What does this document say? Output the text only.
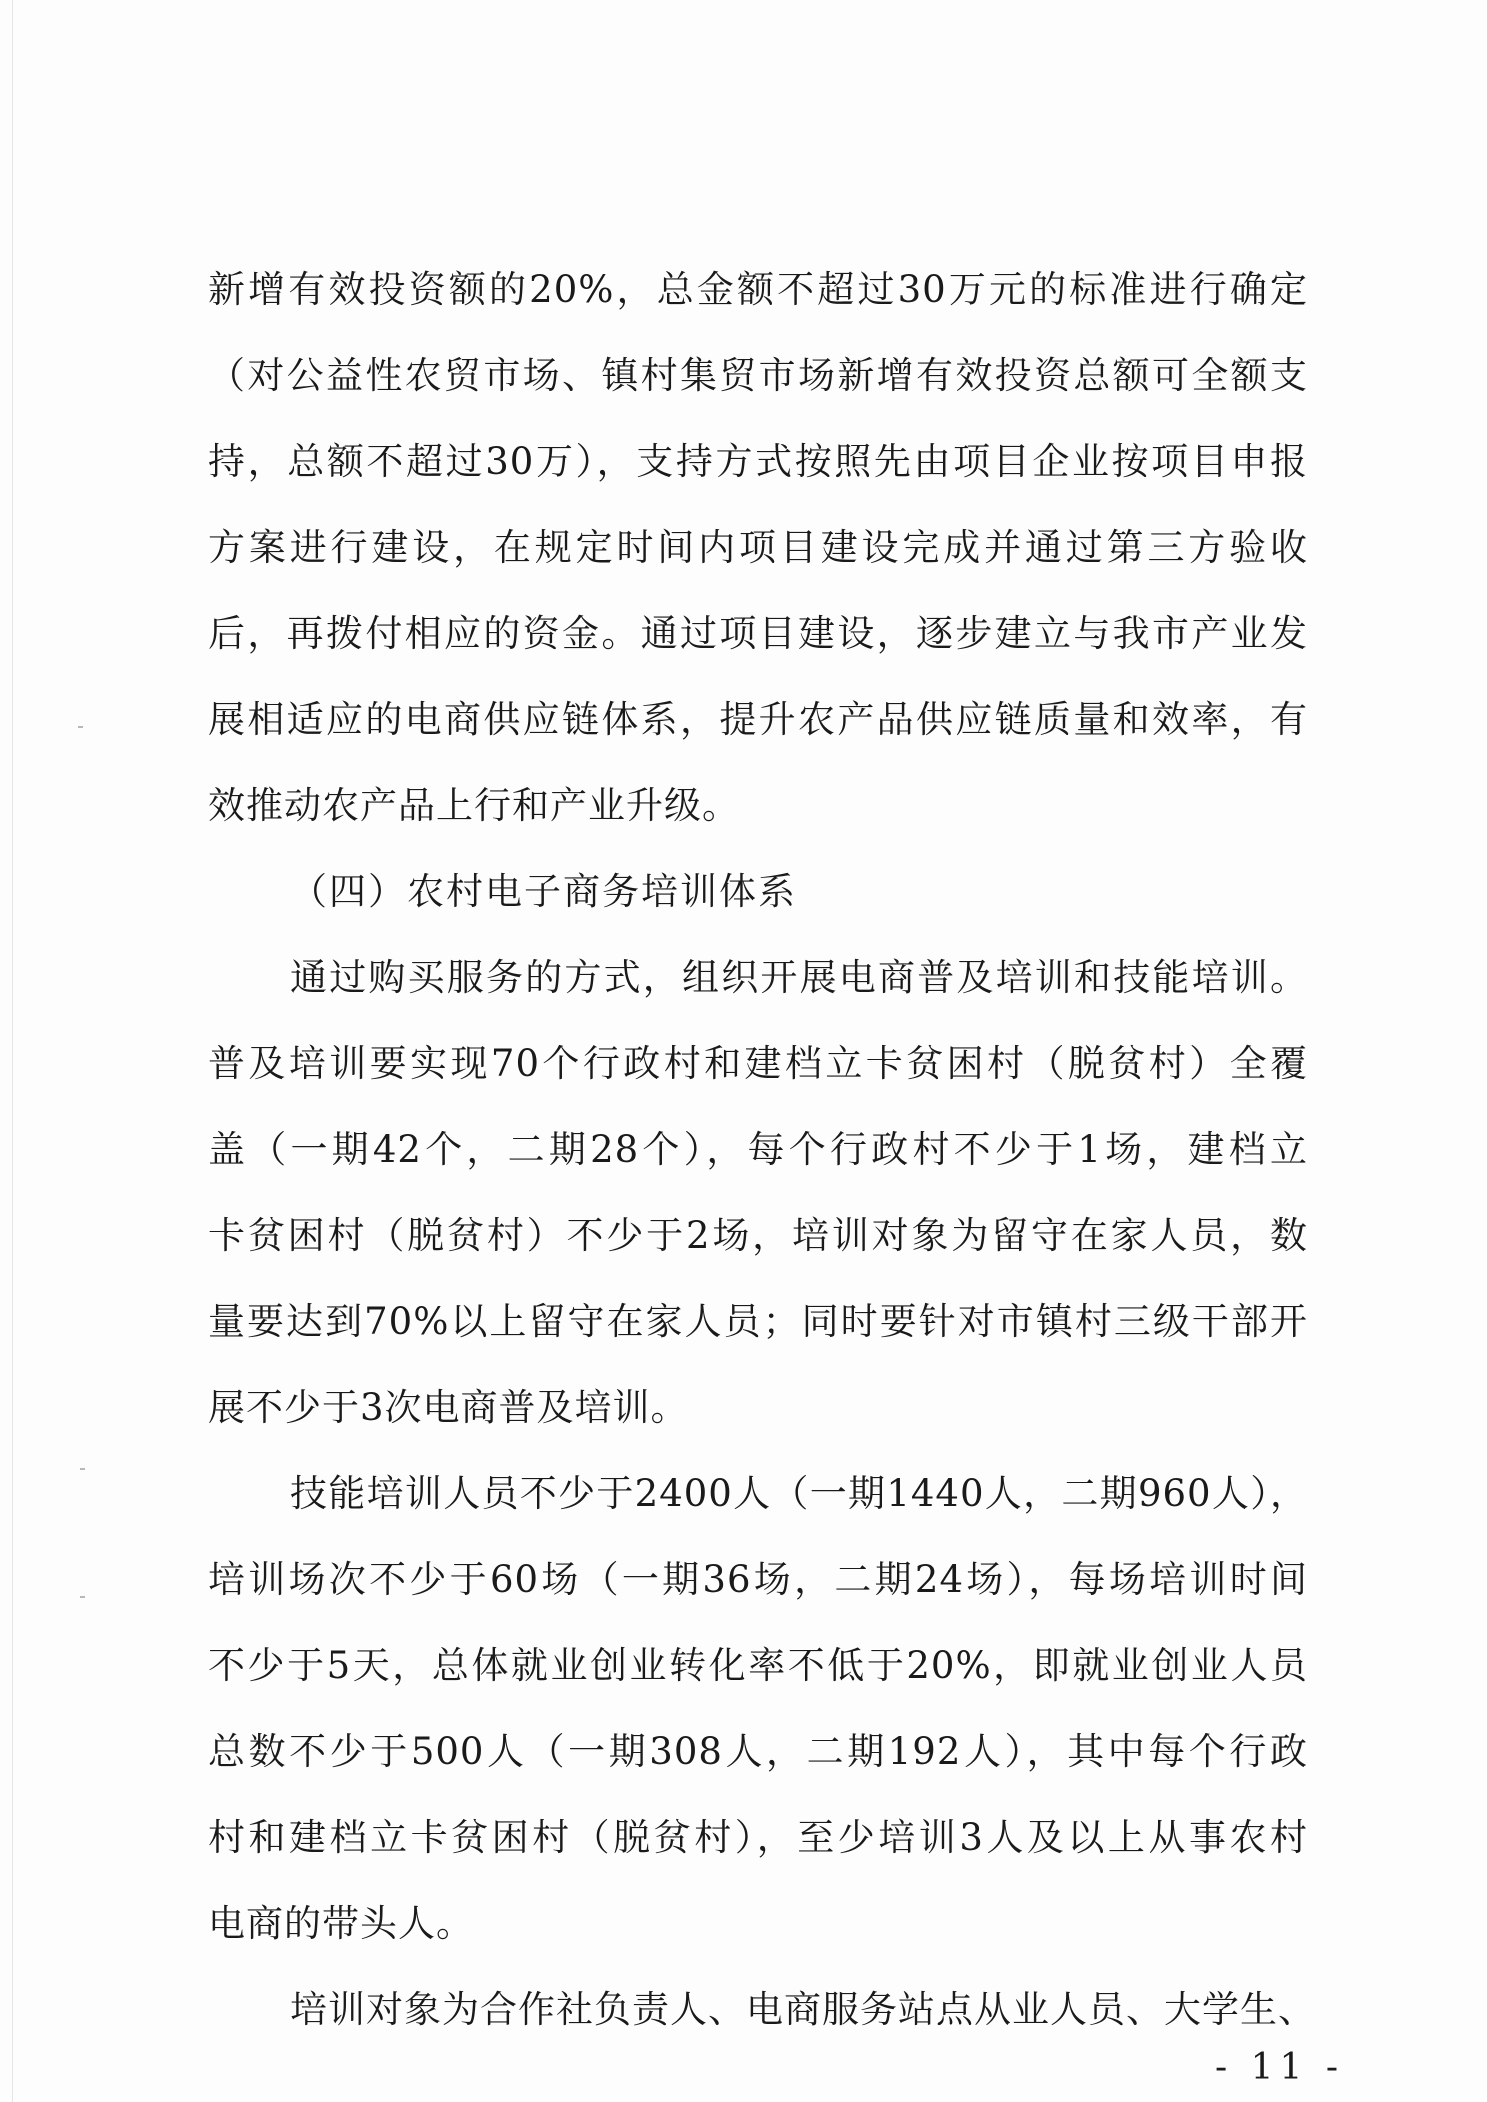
新增有效投资额的20%，总金额不超过30万元的标准进行确定
（对公益性农贸市场、镇村集贸市场新增有效投资总额可全额支
持，总额不超过30万），支持方式按照先由项目企业按项目申报
方案进行建设，在规定时间内项目建设完成并通过第三方验收
后，再拨付相应的资金。通过项目建设，逐步建立与我市产业发
展相适应的电商供应链体系，提升农产品供应链质量和效率，有
效推动农产品上行和产业升级。
（四）农村电子商务培训体系
通过购买服务的方式，组织开展电商普及培训和技能培训。
普及培训要实现70个行政村和建档立卡贫困村（脱贫村）全覆
盖（一期42个，二期28个），每个行政村不少于1场，建档立
卡贫困村（脱贫村）不少于2场，培训对象为留守在家人员，数
量要达到70%以上留守在家人员；同时要针对市镇村三级干部开
展不少于3次电商普及培训。
技能培训人员不少于2400人（一期1440人，二期960人），
培训场次不少于60场（一期36场，二期24场），每场培训时间
不少于5天，总体就业创业转化率不低于20%，即就业创业人员
总数不少于500人（一期308人，二期192人），其中每个行政
村和建档立卡贫困村（脱贫村），至少培训3人及以上从事农村
电商的带头人。
培训对象为合作社负责人、电商服务站点从业人员、大学生、
- 11 -
